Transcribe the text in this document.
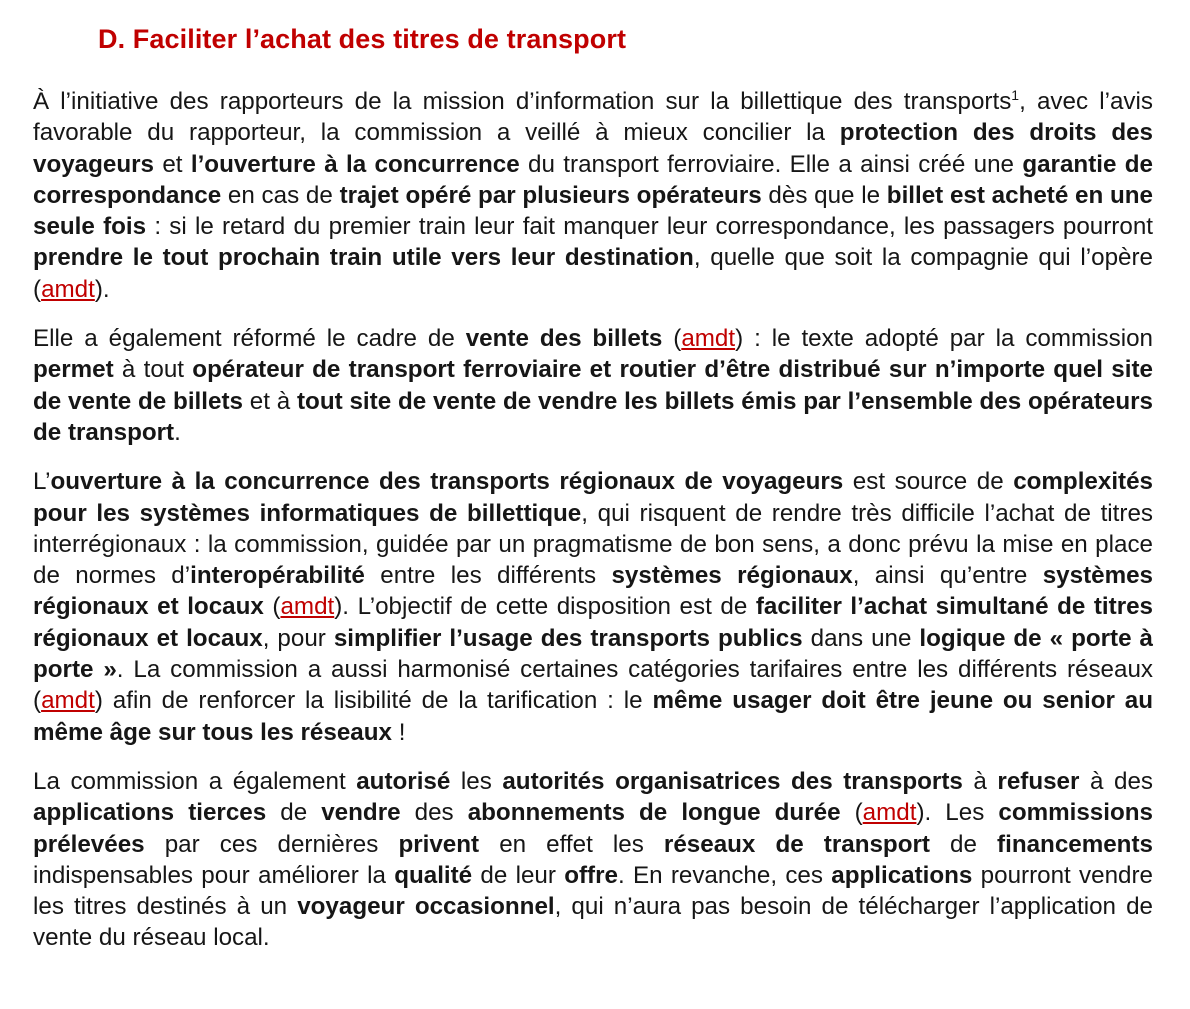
D. Faciliter l’achat des titres de transport

À l’initiative des rapporteurs de la mission d’information sur la billettique des transports$^1$, avec l’avis favorable du rapporteur, la commission a veillé à mieux concilier la protection des droits des voyageurs et l’ouverture à la concurrence du transport ferroviaire. Elle a ainsi créé une garantie de correspondance en cas de trajet opéré par plusieurs opérateurs dès que le billet est acheté en une seule fois : si le retard du premier train leur fait manquer leur correspondance, les passagers pourront prendre le tout prochain train utile vers leur destination, quelle que soit la compagnie qui l’opère (amdt).

Elle a également réformé le cadre de vente des billets (amdt) : le texte adopté par la commission permet à tout opérateur de transport ferroviaire et routier d’être distribué sur n’importe quel site de vente de billets et à tout site de vente de vendre les billets émis par l’ensemble des opérateurs de transport.

L’ouverture à la concurrence des transports régionaux de voyageurs est source de complexités pour les systèmes informatiques de billettique, qui risquent de rendre très difficile l’achat de titres interrégionaux : la commission, guidée par un pragmatisme de bon sens, a donc prévu la mise en place de normes d’interopérabilité entre les différents systèmes régionaux, ainsi qu’entre systèmes régionaux et locaux (amdt). L’objectif de cette disposition est de faciliter l’achat simultané de titres régionaux et locaux, pour simplifier l’usage des transports publics dans une logique de « porte à porte ». La commission a aussi harmonisé certaines catégories tarifaires entre les différents réseaux (amdt) afin de renforcer la lisibilité de la tarification : le même usager doit être jeune ou senior au même âge sur tous les réseaux !

La commission a également autorisé les autorités organisatrices des transports à refuser à des applications tierces de vendre des abonnements de longue durée (amdt). Les commissions prélevées par ces dernières privent en effet les réseaux de transport de financements indispensables pour améliorer la qualité de leur offre. En revanche, ces applications pourront vendre les titres destinés à un voyageur occasionnel, qui n’aura pas besoin de télécharger l’application de vente du réseau local.
